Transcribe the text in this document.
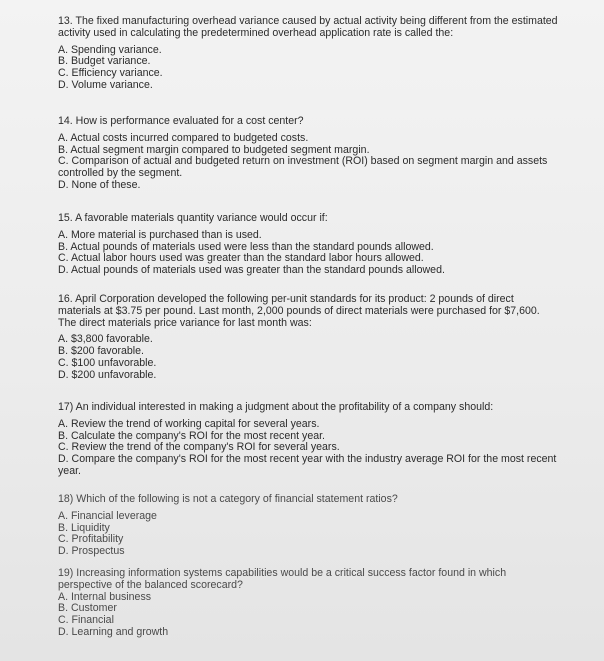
13. The fixed manufacturing overhead variance caused by actual activity being different from the estimated activity used in calculating the predetermined overhead application rate is called the:

A. Spending variance.
B. Budget variance.
C. Efficiency variance.
D. Volume variance.

14. How is performance evaluated for a cost center?

A. Actual costs incurred compared to budgeted costs.
B. Actual segment margin compared to budgeted segment margin.
C. Comparison of actual and budgeted return on investment (ROI) based on segment margin and assets controlled by the segment.
D. None of these.

15. A favorable materials quantity variance would occur if:

A. More material is purchased than is used.
B. Actual pounds of materials used were less than the standard pounds allowed.
C. Actual labor hours used was greater than the standard labor hours allowed.
D. Actual pounds of materials used was greater than the standard pounds allowed.

16. April Corporation developed the following per-unit standards for its product: 2 pounds of direct materials at $3.75 per pound. Last month, 2,000 pounds of direct materials were purchased for $7,600. The direct materials price variance for last month was:

A. $3,800 favorable.
B. $200 favorable.
C. $100 unfavorable.
D. $200 unfavorable.

17) An individual interested in making a judgment about the profitability of a company should:

A. Review the trend of working capital for several years.
B. Calculate the company's ROI for the most recent year.
C. Review the trend of the company's ROI for several years.
D. Compare the company's ROI for the most recent year with the industry average ROI for the most recent year.

18) Which of the following is not a category of financial statement ratios?

A. Financial leverage
B. Liquidity
C. Profitability
D. Prospectus

19) Increasing information systems capabilities would be a critical success factor found in which perspective of the balanced scorecard?

A. Internal business
B. Customer
C. Financial
D. Learning and growth
